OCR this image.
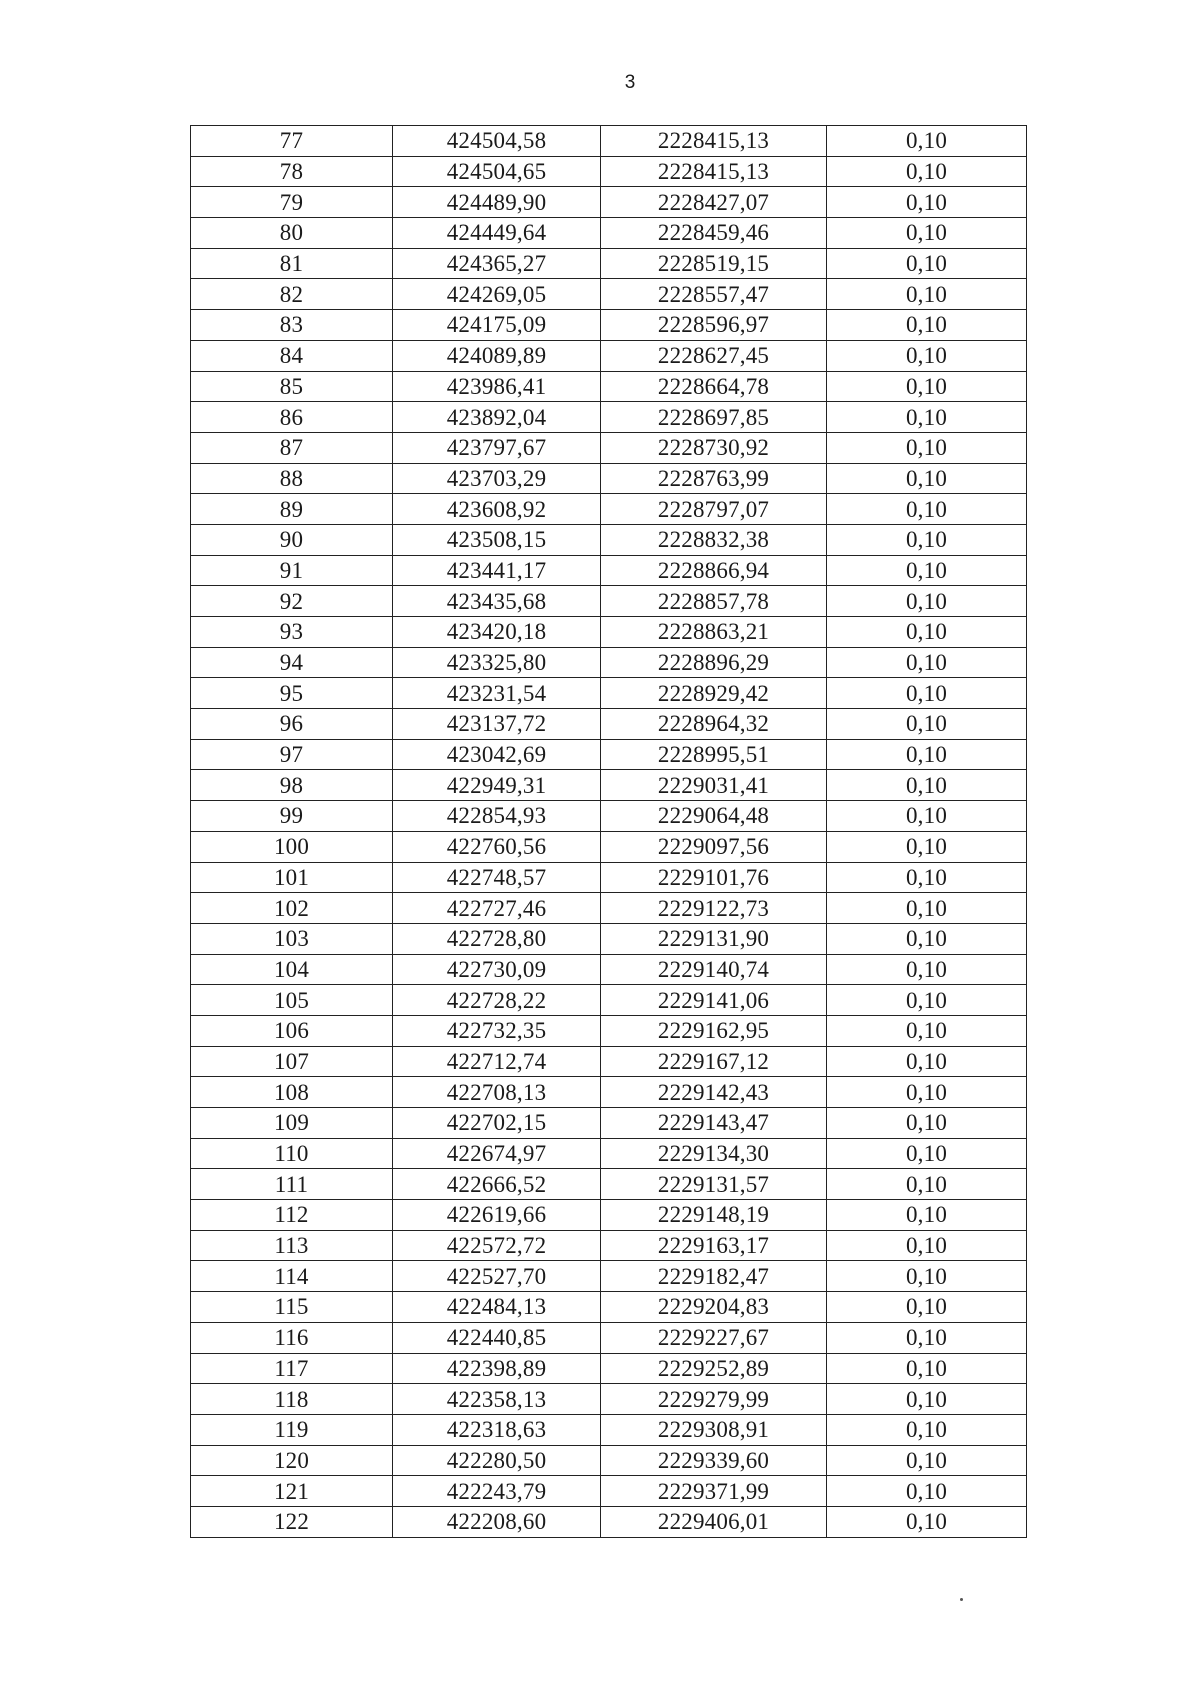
3
77	424504,58	2228415,13	0,10
78	424504,65	2228415,13	0,10
79	424489,90	2228427,07	0,10
80	424449,64	2228459,46	0,10
81	424365,27	2228519,15	0,10
82	424269,05	2228557,47	0,10
83	424175,09	2228596,97	0,10
84	424089,89	2228627,45	0,10
85	423986,41	2228664,78	0,10
86	423892,04	2228697,85	0,10
87	423797,67	2228730,92	0,10
88	423703,29	2228763,99	0,10
89	423608,92	2228797,07	0,10
90	423508,15	2228832,38	0,10
91	423441,17	2228866,94	0,10
92	423435,68	2228857,78	0,10
93	423420,18	2228863,21	0,10
94	423325,80	2228896,29	0,10
95	423231,54	2228929,42	0,10
96	423137,72	2228964,32	0,10
97	423042,69	2228995,51	0,10
98	422949,31	2229031,41	0,10
99	422854,93	2229064,48	0,10
100	422760,56	2229097,56	0,10
101	422748,57	2229101,76	0,10
102	422727,46	2229122,73	0,10
103	422728,80	2229131,90	0,10
104	422730,09	2229140,74	0,10
105	422728,22	2229141,06	0,10
106	422732,35	2229162,95	0,10
107	422712,74	2229167,12	0,10
108	422708,13	2229142,43	0,10
109	422702,15	2229143,47	0,10
110	422674,97	2229134,30	0,10
111	422666,52	2229131,57	0,10
112	422619,66	2229148,19	0,10
113	422572,72	2229163,17	0,10
114	422527,70	2229182,47	0,10
115	422484,13	2229204,83	0,10
116	422440,85	2229227,67	0,10
117	422398,89	2229252,89	0,10
118	422358,13	2229279,99	0,10
119	422318,63	2229308,91	0,10
120	422280,50	2229339,60	0,10
121	422243,79	2229371,99	0,10
122	422208,60	2229406,01	0,10
